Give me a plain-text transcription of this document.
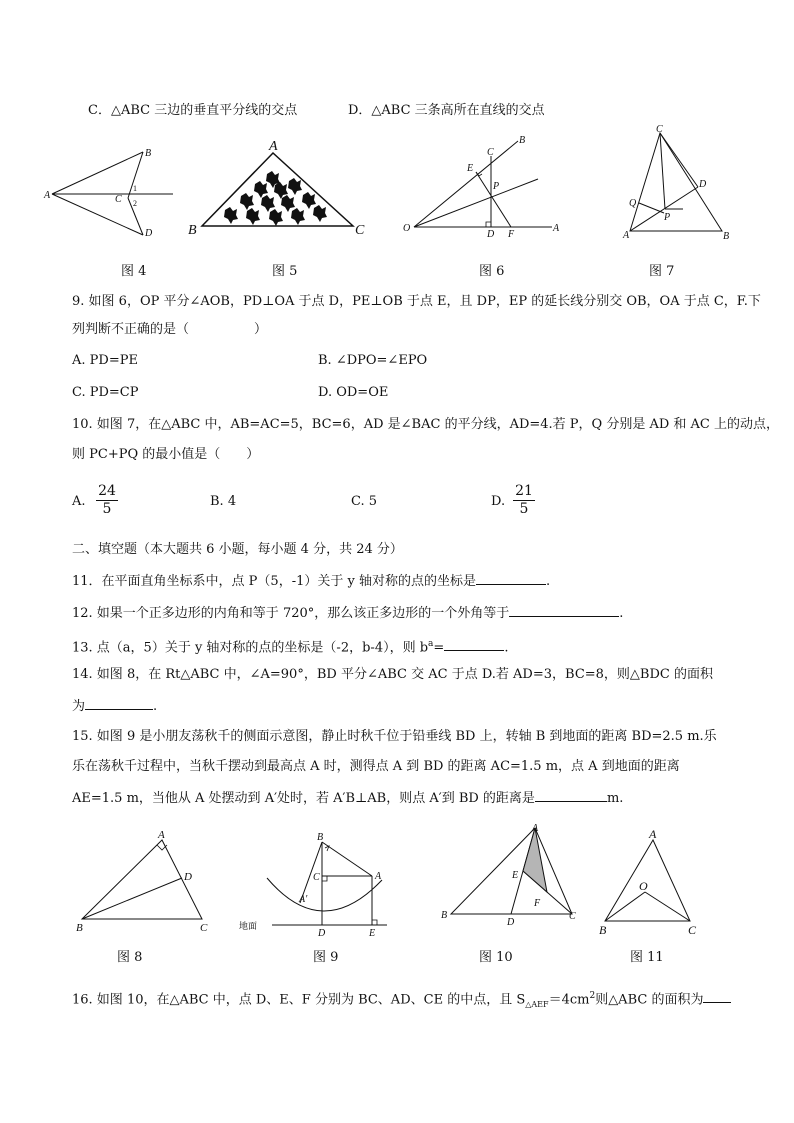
C．△ABC 三边的垂直平分线的交点	D．△ABC 三条高所在直线的交点
A
B
C
D
1
2
图 4
A
B	C
图 5
O	A
B
C
E
P
D F
图 6
C
A	B
D
Q
P
图 7
9. 如图 6，OP 平分∠AOB，PD⊥OA 于点 D，PE⊥OB 于点 E，且 DP，EP 的延长线分别交 OB，OA 于点 C，F.下
列判断不正确的是（　　　　　）
A. PD=PE	B. ∠DPO=∠EPO
C. PD=CP	D. OD=OE
10. 如图 7，在△ABC 中，AB=AC=5，BC=6，AD 是∠BAC 的平分线，AD=4.若 P，Q 分别是 AD 和 AC 上的动点，
则 PC+PQ 的最小值是（　　）
A. $\frac{24}{5}$	B. 4	C. 5	D. $\frac{21}{5}$
二、填空题（本大题共 6 小题，每小题 4 分，共 24 分）
11．在平面直角坐标系中，点 P（5，-1）关于 y 轴对称的点的坐标是	.
12. 如果一个正多边形的内角和等于 720°，那么该正多边形的一个外角等于	.
13. 点（a，5）关于 y 轴对称的点的坐标是（-2，b-4），则 $b^a=$	.
14. 如图 8，在 Rt△ABC 中，∠A=90°，BD 平分∠ABC 交 AC 于点 D.若 AD=3，BC=8，则△BDC 的面积
为	.
15. 如图 9 是小朋友荡秋千的侧面示意图，静止时秋千位于铅垂线 BD 上，转轴 B 到地面的距离 BD=2.5 m.乐
乐在荡秋千过程中，当秋千摆动到最高点 A 时，测得点 A 到 BD 的距离 AC=1.5 m，点 A 到地面的距离
AE=1.5 m，当他从 A 处摆动到 A′处时，若 A′B⊥AB，则点 A′到 BD 的距离是	m.
A
B	C
D
图 8
B
C	A
A′
D	E
地面
图 9
A
B	C
D
E
F
图 10
A
B	C
O
图 11
16. 如图 10，在△ABC 中，点 D、E、F 分别为 BC、AD、CE 的中点，且 $S_{\triangle AEF}=4cm^2$则△ABC 的面积为
